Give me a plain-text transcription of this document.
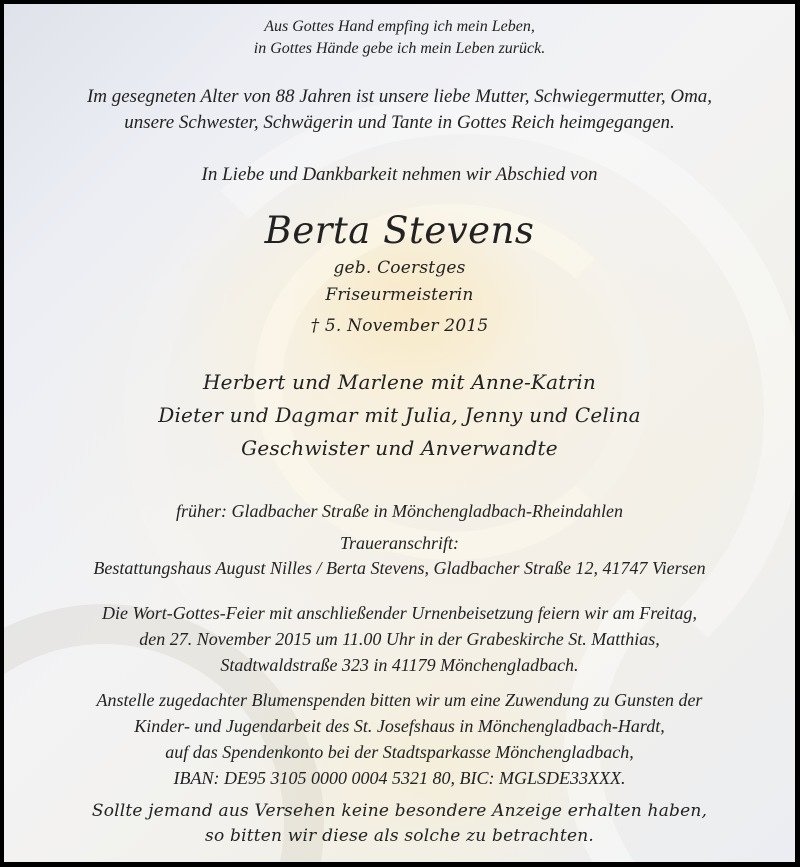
Aus Gottes Hand empfing ich mein Leben,
in Gottes Hände gebe ich mein Leben zurück.
Im gesegneten Alter von 88 Jahren ist unsere liebe Mutter, Schwiegermutter, Oma,
unsere Schwester, Schwägerin und Tante in Gottes Reich heimgegangen.
In Liebe und Dankbarkeit nehmen wir Abschied von
Berta Stevens
geb. Coerstges
Friseurmeisterin
† 5. November 2015
Herbert und Marlene mit Anne-Katrin
Dieter und Dagmar mit Julia, Jenny und Celina
Geschwister und Anverwandte
früher: Gladbacher Straße in Mönchengladbach-Rheindahlen
Traueranschrift:
Bestattungshaus August Nilles / Berta Stevens, Gladbacher Straße 12, 41747 Viersen
Die Wort-Gottes-Feier mit anschließender Urnenbeisetzung feiern wir am Freitag,
den 27. November 2015 um 11.00 Uhr in der Grabeskirche St. Matthias,
Stadtwaldstraße 323 in 41179 Mönchengladbach.
Anstelle zugedachter Blumenspenden bitten wir um eine Zuwendung zu Gunsten der
Kinder- und Jugendarbeit des St. Josefshaus in Mönchengladbach-Hardt,
auf das Spendenkonto bei der Stadtsparkasse Mönchengladbach,
IBAN: DE95 3105 0000 0004 5321 80, BIC: MGLSDE33XXX.
Sollte jemand aus Versehen keine besondere Anzeige erhalten haben,
so bitten wir diese als solche zu betrachten.
